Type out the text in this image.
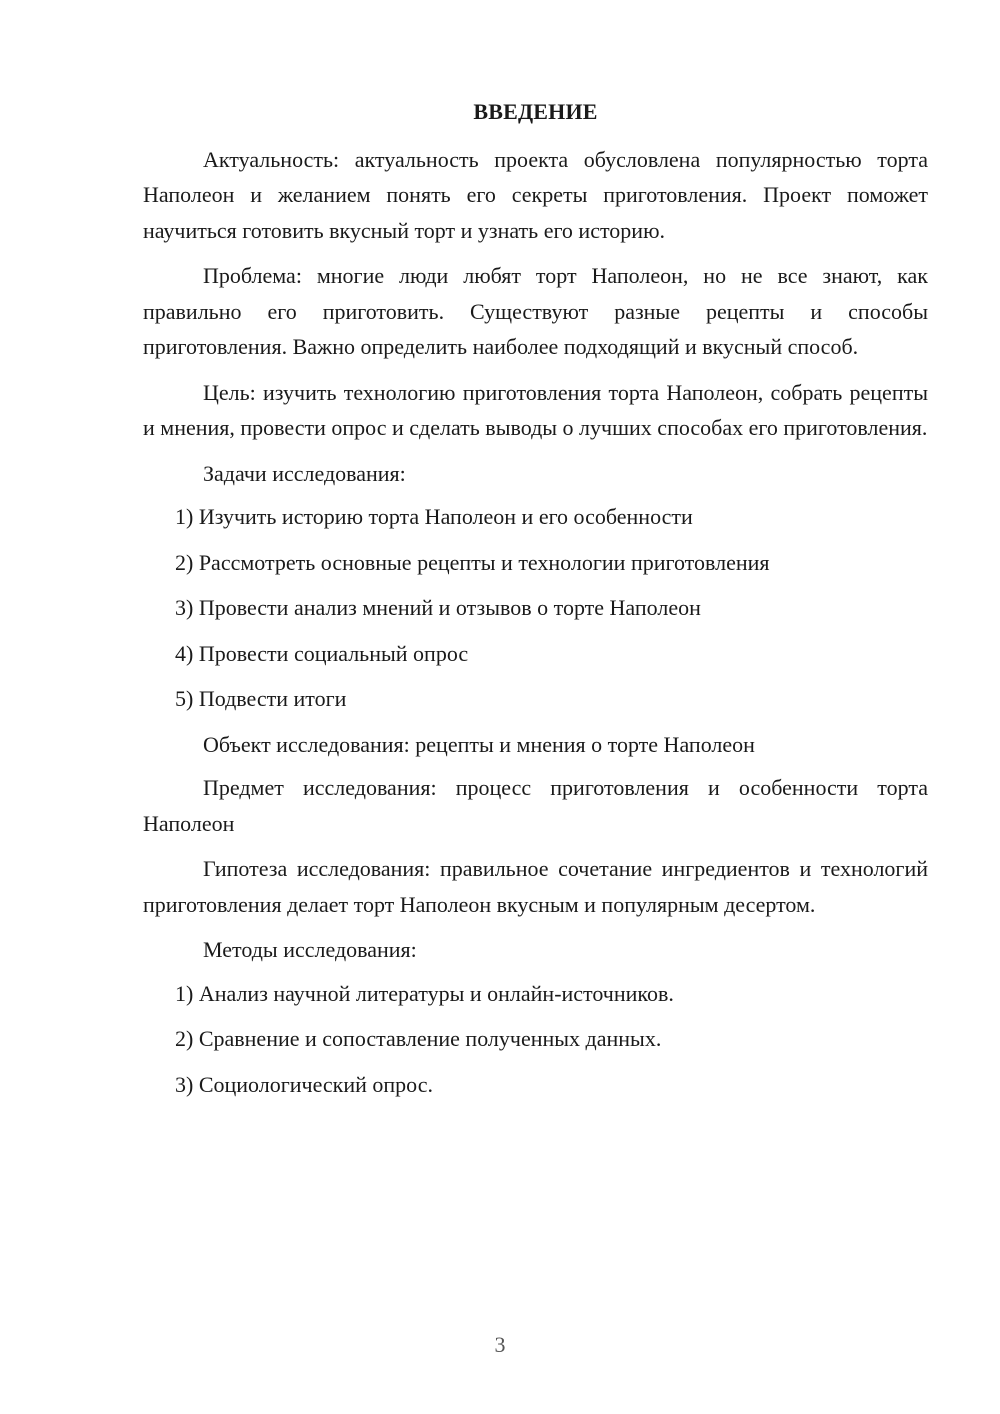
ВВЕДЕНИЕ

Актуальность: актуальность проекта обусловлена популярностью торта Наполеон и желанием понять его секреты приготовления. Проект поможет научиться готовить вкусный торт и узнать его историю.

Проблема: многие люди любят торт Наполеон, но не все знают, как правильно его приготовить. Существуют разные рецепты и способы приготовления. Важно определить наиболее подходящий и вкусный способ.

Цель: изучить технологию приготовления торта Наполеон, собрать рецепты и мнения, провести опрос и сделать выводы о лучших способах его приготовления.

Задачи исследования:

1) Изучить историю торта Наполеон и его особенности
2) Рассмотреть основные рецепты и технологии приготовления
3) Провести анализ мнений и отзывов о торте Наполеон
4) Провести социальный опрос
5) Подвести итоги

Объект исследования: рецепты и мнения о торте Наполеон

Предмет исследования: процесс приготовления и особенности торта Наполеон

Гипотеза исследования: правильное сочетание ингредиентов и технологий приготовления делает торт Наполеон вкусным и популярным десертом.

Методы исследования:

1) Анализ научной литературы и онлайн-источников.
2) Сравнение и сопоставление полученных данных.
3) Социологический опрос.
3
